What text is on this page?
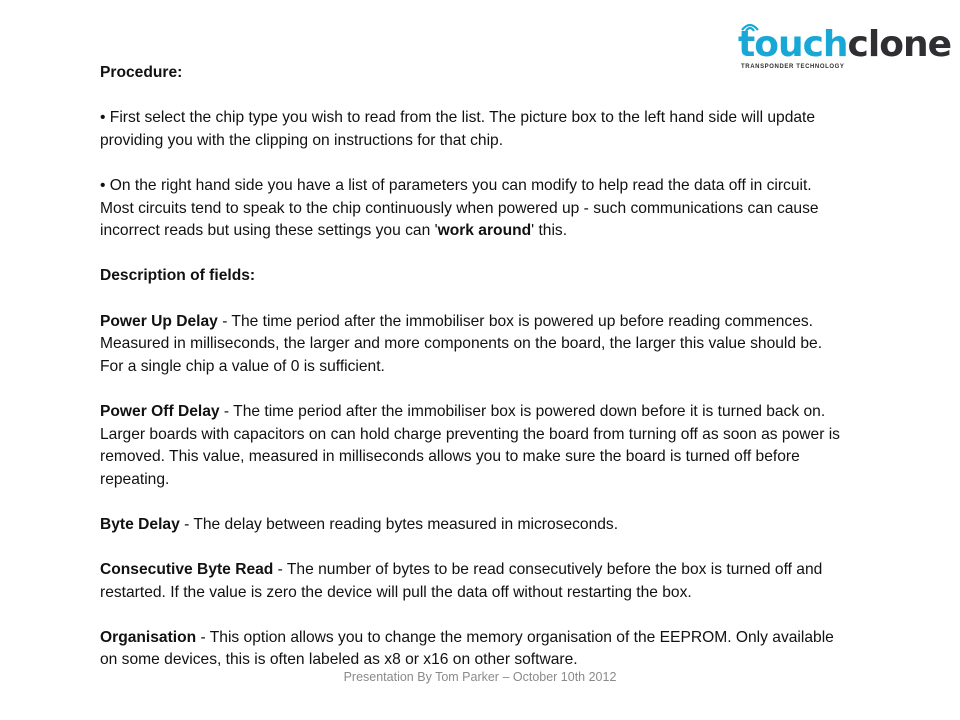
touchclone
TRANSPONDER TECHNOLOGY

Procedure:

• First select the chip type you wish to read from the list. The picture box to the left hand side will update providing you with the clipping on instructions for that chip.

• On the right hand side you have a list of parameters you can modify to help read the data off in circuit. Most circuits tend to speak to the chip continuously when powered up - such communications can cause incorrect reads but using these settings you can 'work around' this.

Description of fields:

Power Up Delay - The time period after the immobiliser box is powered up before reading commences. Measured in milliseconds, the larger and more components on the board, the larger this value should be. For a single chip a value of 0 is sufficient.

Power Off Delay - The time period after the immobiliser box is powered down before it is turned back on. Larger boards with capacitors on can hold charge preventing the board from turning off as soon as power is removed. This value, measured in milliseconds allows you to make sure the board is turned off before repeating.

Byte Delay - The delay between reading bytes measured in microseconds.

Consecutive Byte Read - The number of bytes to be read consecutively before the box is turned off and restarted. If the value is zero the device will pull the data off without restarting the box.

Organisation - This option allows you to change the memory organisation of the EEPROM. Only available on some devices, this is often labeled as x8 or x16 on other software.

Presentation By Tom Parker – October 10th 2012
